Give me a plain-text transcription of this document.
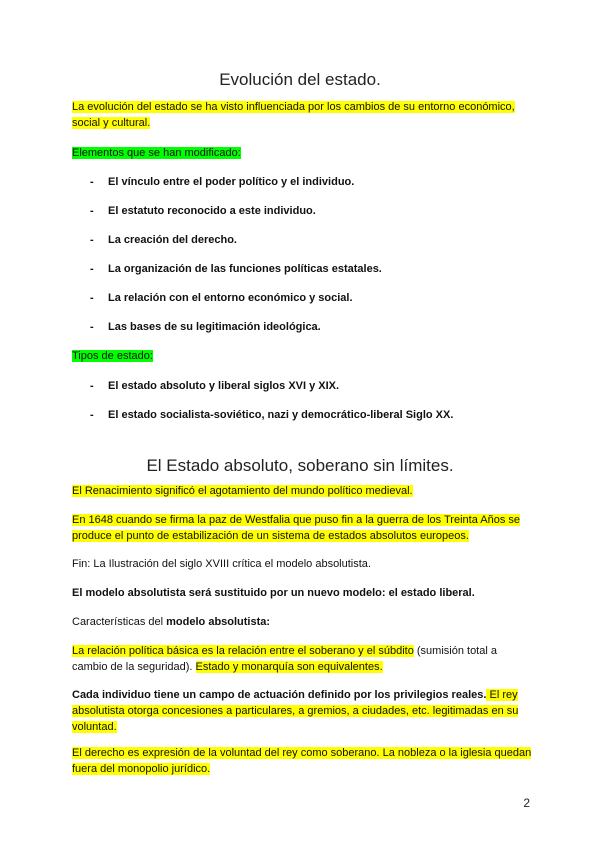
Evolución del estado.

La evolución del estado se ha visto influenciada por los cambios de su entorno económico, social y cultural.

Elementos que se han modificado:

- El vínculo entre el poder político y el individuo.

- El estatuto reconocido a este individuo.

- La creación del derecho.

- La organización de las funciones políticas estatales.

- La relación con el entorno económico y social.

- Las bases de su legitimación ideológica.

Tipos de estado:

- El estado absoluto y liberal siglos XVI y XIX.

- El estado socialista-soviético, nazi y democrático-liberal Siglo XX.

El Estado absoluto, soberano sin límites.

El Renacimiento significó el agotamiento del mundo político medieval.

En 1648 cuando se firma la paz de Westfalia que puso fin a la guerra de los Treinta Años se produce el punto de estabilización de un sistema de estados absolutos europeos.

Fin: La Ilustración del siglo XVIII crítica el modelo absolutista.

El modelo absolutista será sustituido por un nuevo modelo: el estado liberal.

Características del modelo absolutista:

La relación política básica es la relación entre el soberano y el súbdito (sumisión total a cambio de la seguridad). Estado y monarquía son equivalentes.

Cada individuo tiene un campo de actuación definido por los privilegios reales. El rey absolutista otorga concesiones a particulares, a gremios, a ciudades, etc. legitimadas en su voluntad.

El derecho es expresión de la voluntad del rey como soberano. La nobleza o la iglesia quedan fuera del monopolio jurídico.

2
